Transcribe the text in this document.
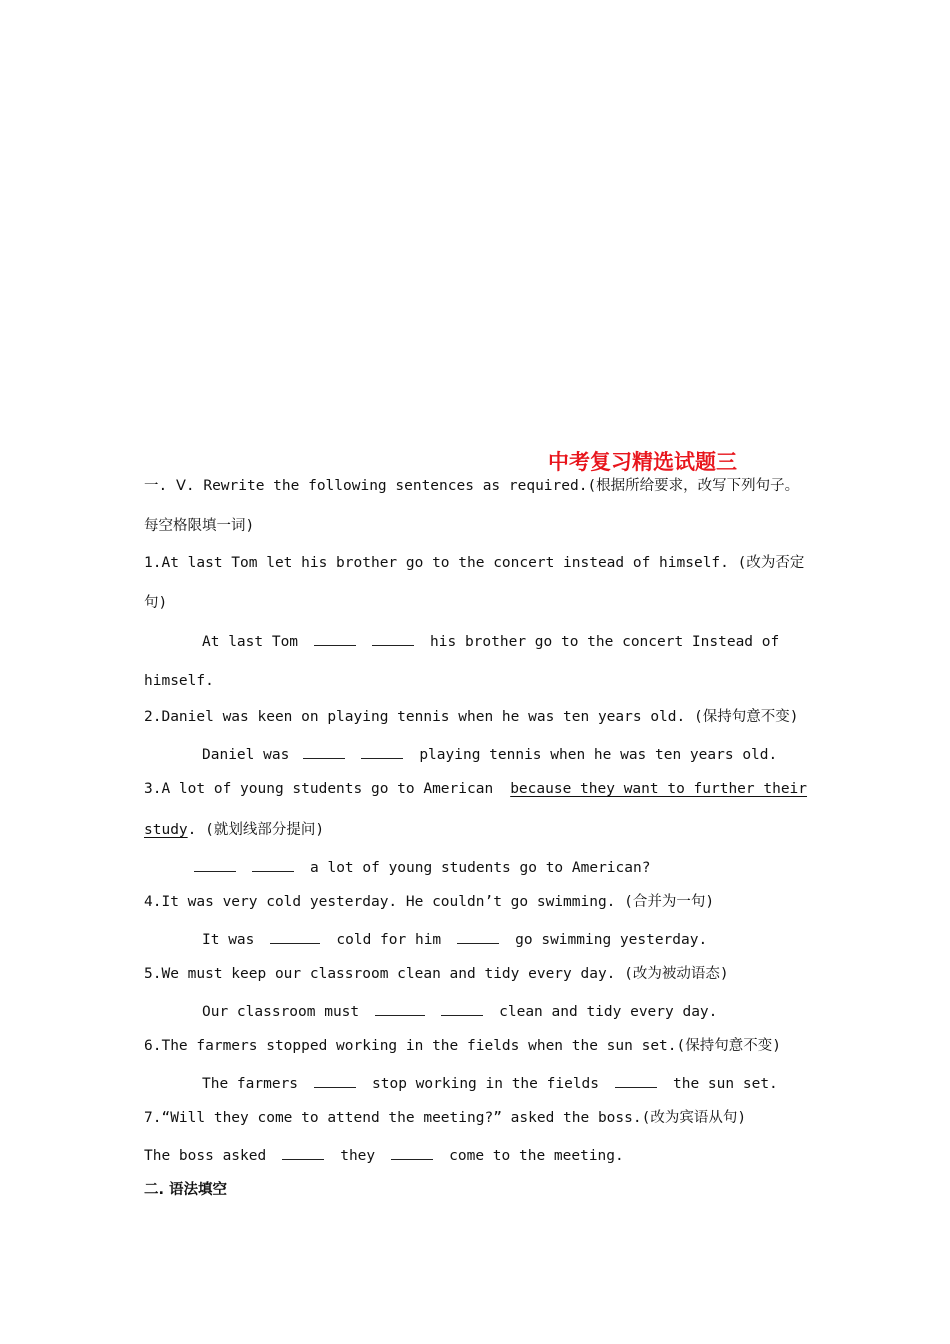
中考复习精选试题三
一. Ⅴ. Rewrite the following sentences as required.(根据所给要求，改写下列句子。
每空格限填一词)
1.At last Tom let his brother go to the concert instead of himself. (改为否定
句)
At last Tom	his brother go to the concert Instead of
himself.
2.Daniel was keen on playing tennis when he was ten years old. (保持句意不变)
Daniel was	playing tennis when he was ten years old.
3.A lot of young students go to American because they want to further their
study. (就划线部分提问)
a lot of young students go to American?
4.It was very cold yesterday. He couldn’t go swimming. (合并为一句)
It was	cold for him	go swimming yesterday.
5.We must keep our classroom clean and tidy every day. (改为被动语态)
Our classroom must	clean and tidy every day.
6.The farmers stopped working in the fields when the sun set.(保持句意不变)
The farmers	stop working in the fields	the sun set.
7.“Will they come to attend the meeting?” asked the boss.(改为宾语从句)
The boss asked	they	come to the meeting.
二. 语法填空
